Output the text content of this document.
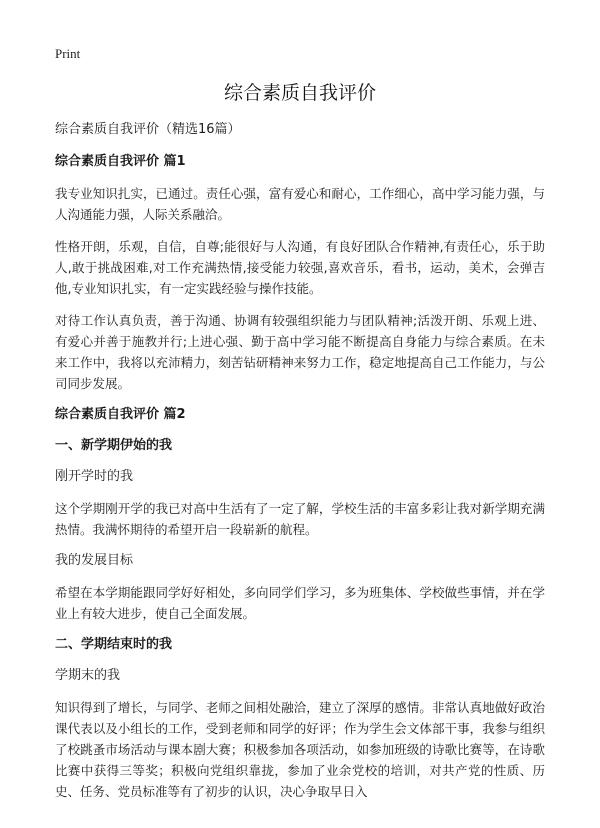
Print
综合素质自我评价

综合素质自我评价（精选16篇）

综合素质自我评价 篇1

我专业知识扎实，已通过。责任心强，富有爱心和耐心，工作细心，高中学习能力强，与人沟通能力强，人际关系融洽。

性格开朗，乐观，自信，自尊;能很好与人沟通，有良好团队合作精神,有责任心，乐于助人,敢于挑战困难,对工作充满热情,接受能力较强,喜欢音乐，看书，运动，美术，会弹吉他,专业知识扎实，有一定实践经验与操作技能。

对待工作认真负责，善于沟通、协调有较强组织能力与团队精神;活泼开朗、乐观上进、有爱心并善于施教并行;上进心强、勤于高中学习能不断提高自身能力与综合素质。在未来工作中，我将以充沛精力，刻苦钻研精神来努力工作，稳定地提高自己工作能力，与公司同步发展。

综合素质自我评价 篇2

一、新学期伊始的我

刚开学时的我

这个学期刚开学的我已对高中生活有了一定了解，学校生活的丰富多彩让我对新学期充满热情。我满怀期待的希望开启一段崭新的航程。

我的发展目标

希望在本学期能跟同学好好相处，多向同学们学习，多为班集体、学校做些事情，并在学业上有较大进步，使自己全面发展。

二、学期结束时的我

学期末的我

知识得到了增长，与同学、老师之间相处融洽，建立了深厚的感情。非常认真地做好政治课代表以及小组长的工作，受到老师和同学的好评；作为学生会文体部干事，我参与组织了校跳蚤市场活动与课本剧大赛；积极参加各项活动，如参加班级的诗歌比赛等，在诗歌比赛中获得三等奖；积极向党组织靠拢，参加了业余党校的培训，对共产党的性质、历史、任务、党员标准等有了初步的认识，决心争取早日入
